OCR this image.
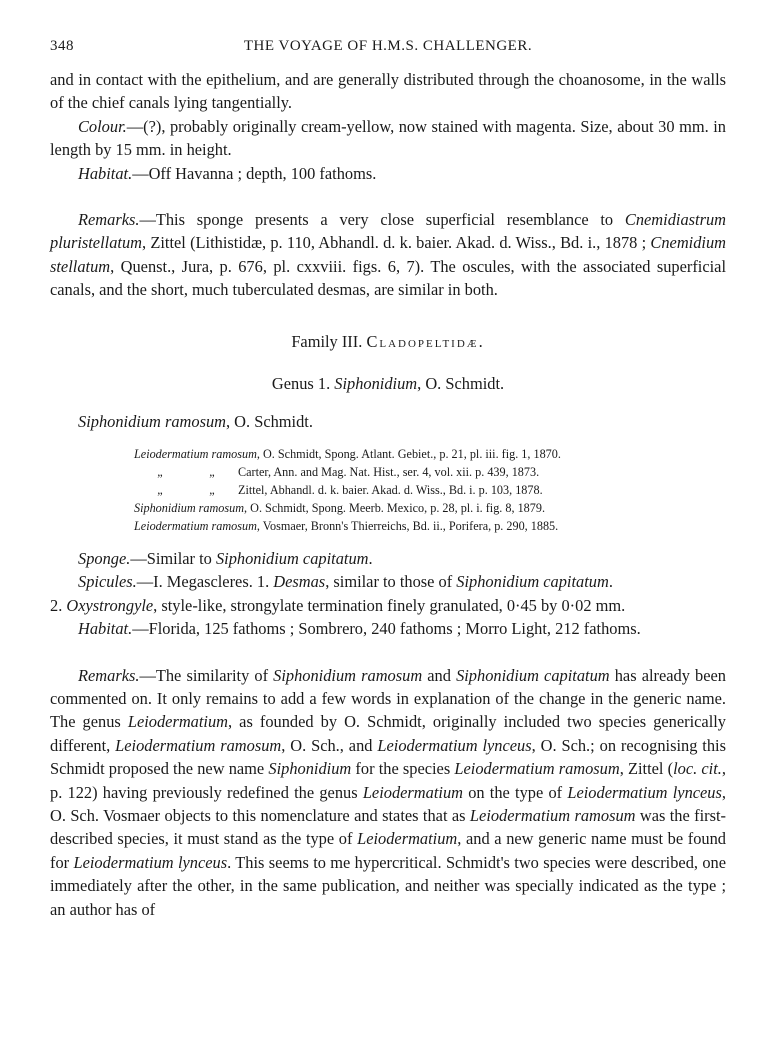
348	THE VOYAGE OF H.M.S. CHALLENGER.

and in contact with the epithelium, and are generally distributed through the choanosome, in the walls of the chief canals lying tangentially.

Colour.—(?), probably originally cream-yellow, now stained with magenta. Size, about 30 mm. in length by 15 mm. in height.

Habitat.—Off Havanna ; depth, 100 fathoms.

Remarks.—This sponge presents a very close superficial resemblance to Cnemidiastrum pluristellatum, Zittel (Lithistidæ, p. 110, Abhandl. d. k. baier. Akad. d. Wiss., Bd. i., 1878 ; Cnemidium stellatum, Quenst., Jura, p. 676, pl. cxxviii. figs. 6, 7). The oscules, with the associated superficial canals, and the short, much tuberculated desmas, are similar in both.

Family III. Cladopeltidæ.

Genus 1. Siphonidium, O. Schmidt.

Siphonidium ramosum, O. Schmidt.

Leiodermatium ramosum , O. Schmidt, Spong. Atlant. Gebiet., p. 21, pl. iii. fig. 1, 1870.
„	„	Carter, Ann. and Mag. Nat. Hist., ser. 4, vol. xii. p. 439, 1873.
„	„	Zittel, Abhandl. d. k. baier. Akad. d. Wiss., Bd. i. p. 103, 1878.
Siphonidium ramosum , O. Schmidt, Spong. Meerb. Mexico, p. 28, pl. i. fig. 8, 1879.
Leiodermatium ramosum , Vosmaer, Bronn's Thierreichs, Bd. ii., Porifera, p. 290, 1885.

Sponge.—Similar to Siphonidium capitatum.

Spicules.—I. Megascleres. 1. Desmas, similar to those of Siphonidium capitatum.
2. Oxystrongyle, style-like, strongylate termination finely granulated, 0·45 by 0·02 mm.

Habitat.—Florida, 125 fathoms ; Sombrero, 240 fathoms ; Morro Light, 212 fathoms.

Remarks.—The similarity of Siphonidium ramosum and Siphonidium capitatum has already been commented on. It only remains to add a few words in explanation of the change in the generic name. The genus Leiodermatium, as founded by O. Schmidt, originally included two species generically different, Leiodermatium ramosum, O. Sch., and Leiodermatium lynceus, O. Sch.; on recognising this Schmidt proposed the new name Siphonidium for the species Leiodermatium ramosum, Zittel (loc. cit., p. 122) having previously redefined the genus Leiodermatium on the type of Leiodermatium lynceus, O. Sch. Vosmaer objects to this nomenclature and states that as Leiodermatium ramosum was the first-described species, it must stand as the type of Leiodermatium, and a new generic name must be found for Leiodermatium lynceus. This seems to me hypercritical. Schmidt's two species were described, one immediately after the other, in the same publication, and neither was specially indicated as the type ; an author has of
